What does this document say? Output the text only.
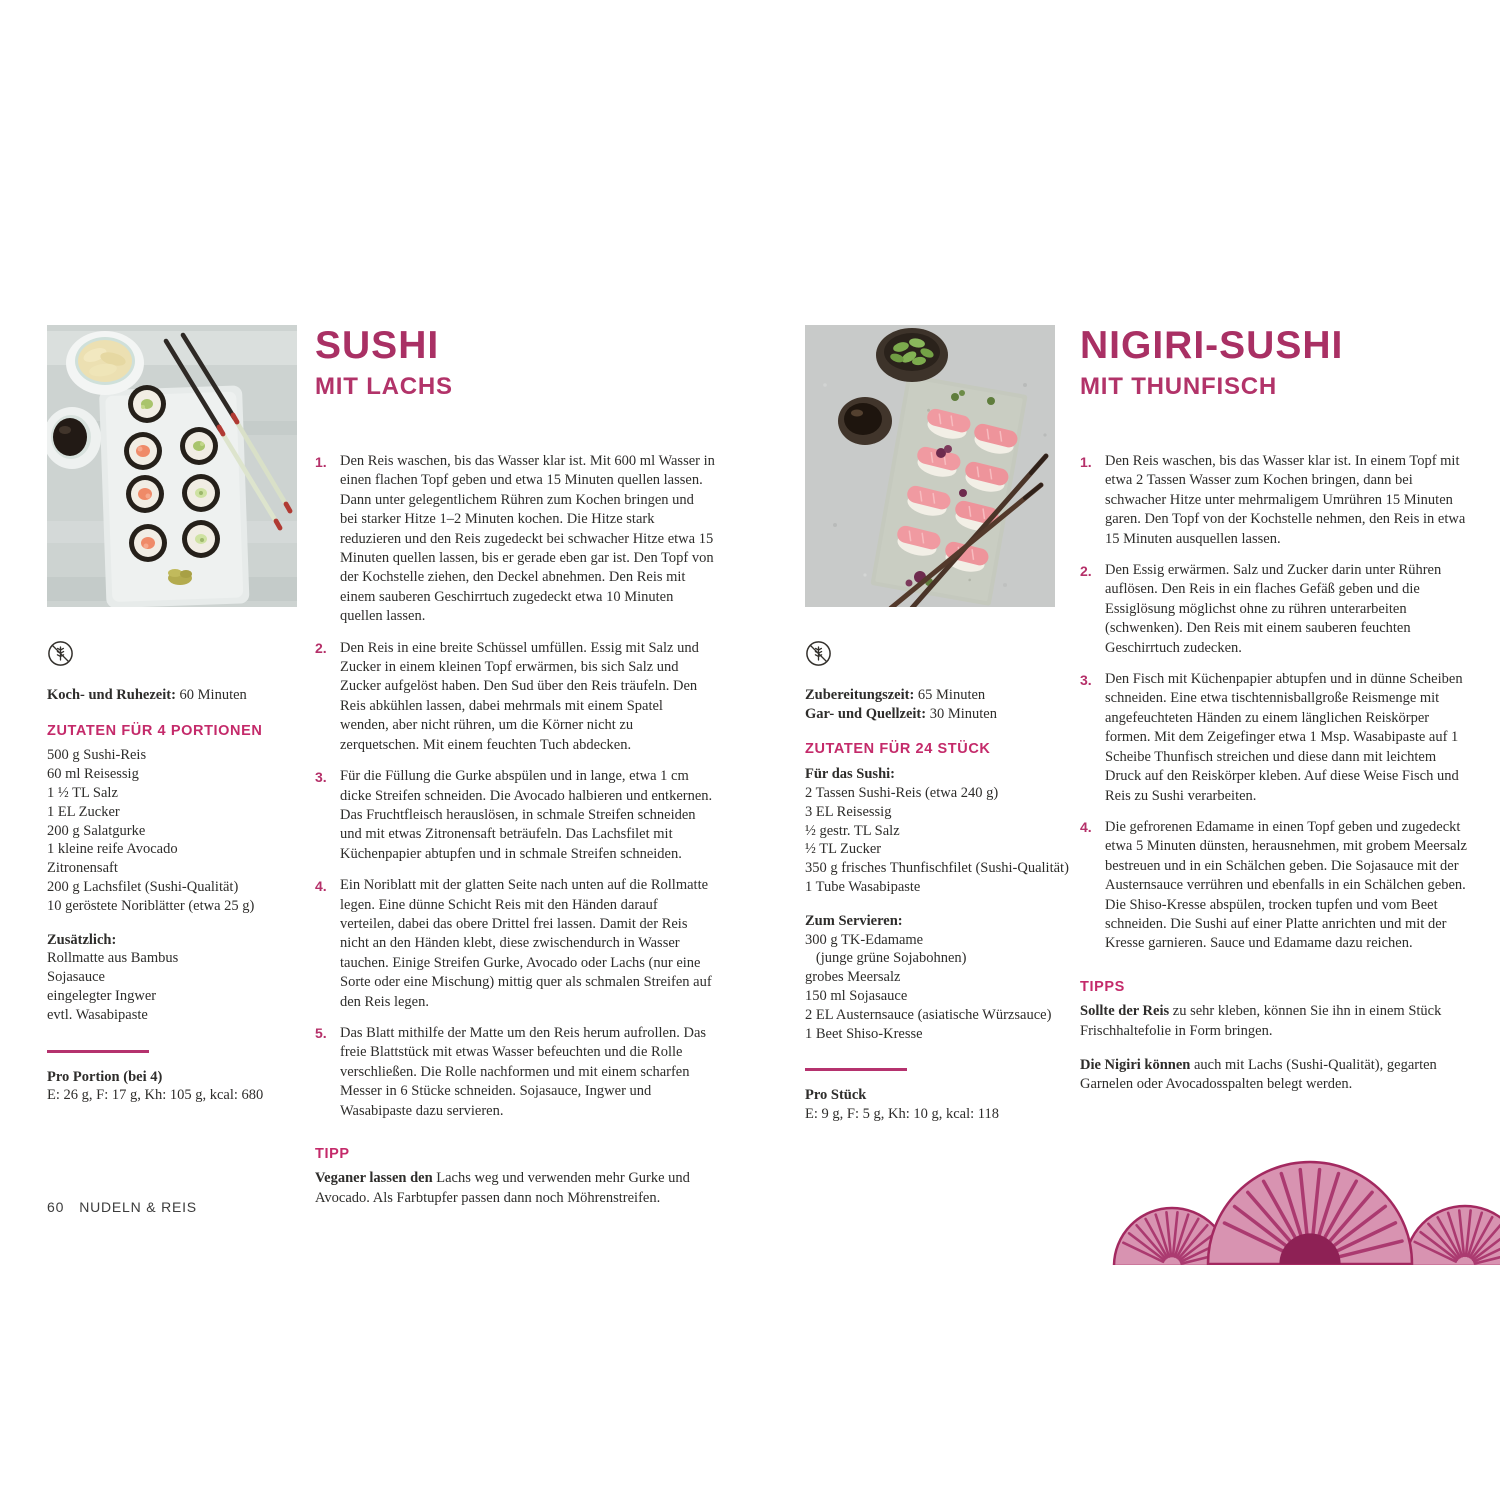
SUSHI
MIT LACHS

Koch- und Ruhezeit: 60 Minuten

ZUTATEN FÜR 4 PORTIONEN

500 g Sushi-Reis

60 ml Reisessig

1 ½ TL Salz

1 EL Zucker

200 g Salatgurke

1 kleine reife Avocado

Zitronensaft

200 g Lachsfilet (Sushi-Qualität)

10 geröstete Noriblätter (etwa 25 g)

Zusätzlich:

Rollmatte aus Bambus

Sojasauce

eingelegter Ingwer

evtl. Wasabipaste

Pro Portion (bei 4)

E: 26 g, F: 17 g, Kh: 105 g, kcal: 680

1. Den Reis waschen, bis das Wasser klar ist. Mit 600 ml Wasser in einen flachen Topf geben und etwa 15 Minuten quellen lassen. Dann unter gelegentlichem Rühren zum Kochen bringen und bei starker Hitze 1–2 Minuten kochen. Die Hitze stark reduzieren und den Reis zugedeckt bei schwacher Hitze etwa 15 Minuten quellen lassen, bis er gerade eben gar ist. Den Topf von der Kochstelle ziehen, den Deckel abnehmen. Den Reis mit einem sauberen Geschirrtuch zugedeckt etwa 10 Minuten quellen lassen.
2. Den Reis in eine breite Schüssel umfüllen. Essig mit Salz und Zucker in einem kleinen Topf erwärmen, bis sich Salz und Zucker aufgelöst haben. Den Sud über den Reis träufeln. Den Reis abkühlen lassen, dabei mehrmals mit einem Spatel wenden, aber nicht rühren, um die Körner nicht zu zerquetschen. Mit einem feuchten Tuch abdecken.
3. Für die Füllung die Gurke abspülen und in lange, etwa 1 cm dicke Streifen schneiden. Die Avocado halbieren und entkernen. Das Fruchtfleisch herauslösen, in schmale Streifen schneiden und mit etwas Zitronensaft beträufeln. Das Lachsfilet mit Küchenpapier abtupfen und in schmale Streifen schneiden.
4. Ein Noriblatt mit der glatten Seite nach unten auf die Rollmatte legen. Eine dünne Schicht Reis mit den Händen darauf verteilen, dabei das obere Drittel frei lassen. Damit der Reis nicht an den Händen klebt, diese zwischendurch in Wasser tauchen. Einige Streifen Gurke, Avocado oder Lachs (nur eine Sorte oder eine Mischung) mittig quer als schmalen Streifen auf den Reis legen.
5. Das Blatt mithilfe der Matte um den Reis herum aufrollen. Das freie Blattstück mit etwas Wasser befeuchten und die Rolle verschließen. Die Rolle nachformen und mit einem scharfen Messer in 6 Stücke schneiden. Sojasauce, Ingwer und Wasabipaste dazu servieren.
TIPP

Veganer lassen den Lachs weg und verwenden mehr Gurke und Avocado. Als Farbtupfer passen dann noch Möhrenstreifen.

NIGIRI-SUSHI
MIT THUNFISCH

Zubereitungszeit: 65 Minuten

Gar- und Quellzeit: 30 Minuten

ZUTATEN FÜR 24 STÜCK

Für das Sushi:

2 Tassen Sushi-Reis (etwa 240 g)

3 EL Reisessig

½ gestr. TL Salz

½ TL Zucker

350 g frisches Thunfischfilet (Sushi-Qualität)

1 Tube Wasabipaste

Zum Servieren:

300 g TK-Edamame

(junge grüne Sojabohnen)

grobes Meersalz

150 ml Sojasauce

2 EL Austernsauce (asiatische Würzsauce)

1 Beet Shiso-Kresse

Pro Stück

E: 9 g, F: 5 g, Kh: 10 g, kcal: 118

1. Den Reis waschen, bis das Wasser klar ist. In einem Topf mit etwa 2 Tassen Wasser zum Kochen bringen, dann bei schwacher Hitze unter mehrmaligem Umrühren 15 Minuten garen. Den Topf von der Kochstelle nehmen, den Reis in etwa 15 Minuten ausquellen lassen.
2. Den Essig erwärmen. Salz und Zucker darin unter Rühren auflösen. Den Reis in ein flaches Gefäß geben und die Essiglösung möglichst ohne zu rühren unterarbeiten (schwenken). Den Reis mit einem sauberen feuchten Geschirrtuch zudecken.
3. Den Fisch mit Küchenpapier abtupfen und in dünne Scheiben schneiden. Eine etwa tischtennisballgroße Reismenge mit angefeuchteten Händen zu einem länglichen Reiskörper formen. Mit dem Zeigefinger etwa 1 Msp. Wasabipaste auf 1 Scheibe Thunfisch streichen und diese dann mit leichtem Druck auf den Reiskörper kleben. Auf diese Weise Fisch und Reis zu Sushi verarbeiten.
4. Die gefrorenen Edamame in einen Topf geben und zugedeckt etwa 5 Minuten dünsten, herausnehmen, mit grobem Meersalz bestreuen und in ein Schälchen geben. Die Sojasauce mit der Austernsauce verrühren und ebenfalls in ein Schälchen geben. Die Shiso-Kresse abspülen, trocken tupfen und vom Beet schneiden. Die Sushi auf einer Platte anrichten und mit der Kresse garnieren. Sauce und Edamame dazu reichen.
TIPPS

Sollte der Reis zu sehr kleben, können Sie ihn in einem Stück Frischhaltefolie in Form bringen.

Die Nigiri können auch mit Lachs (Sushi-Qualität), gegarten Garnelen oder Avocadosspalten belegt werden.

60 NUDELN & REIS
